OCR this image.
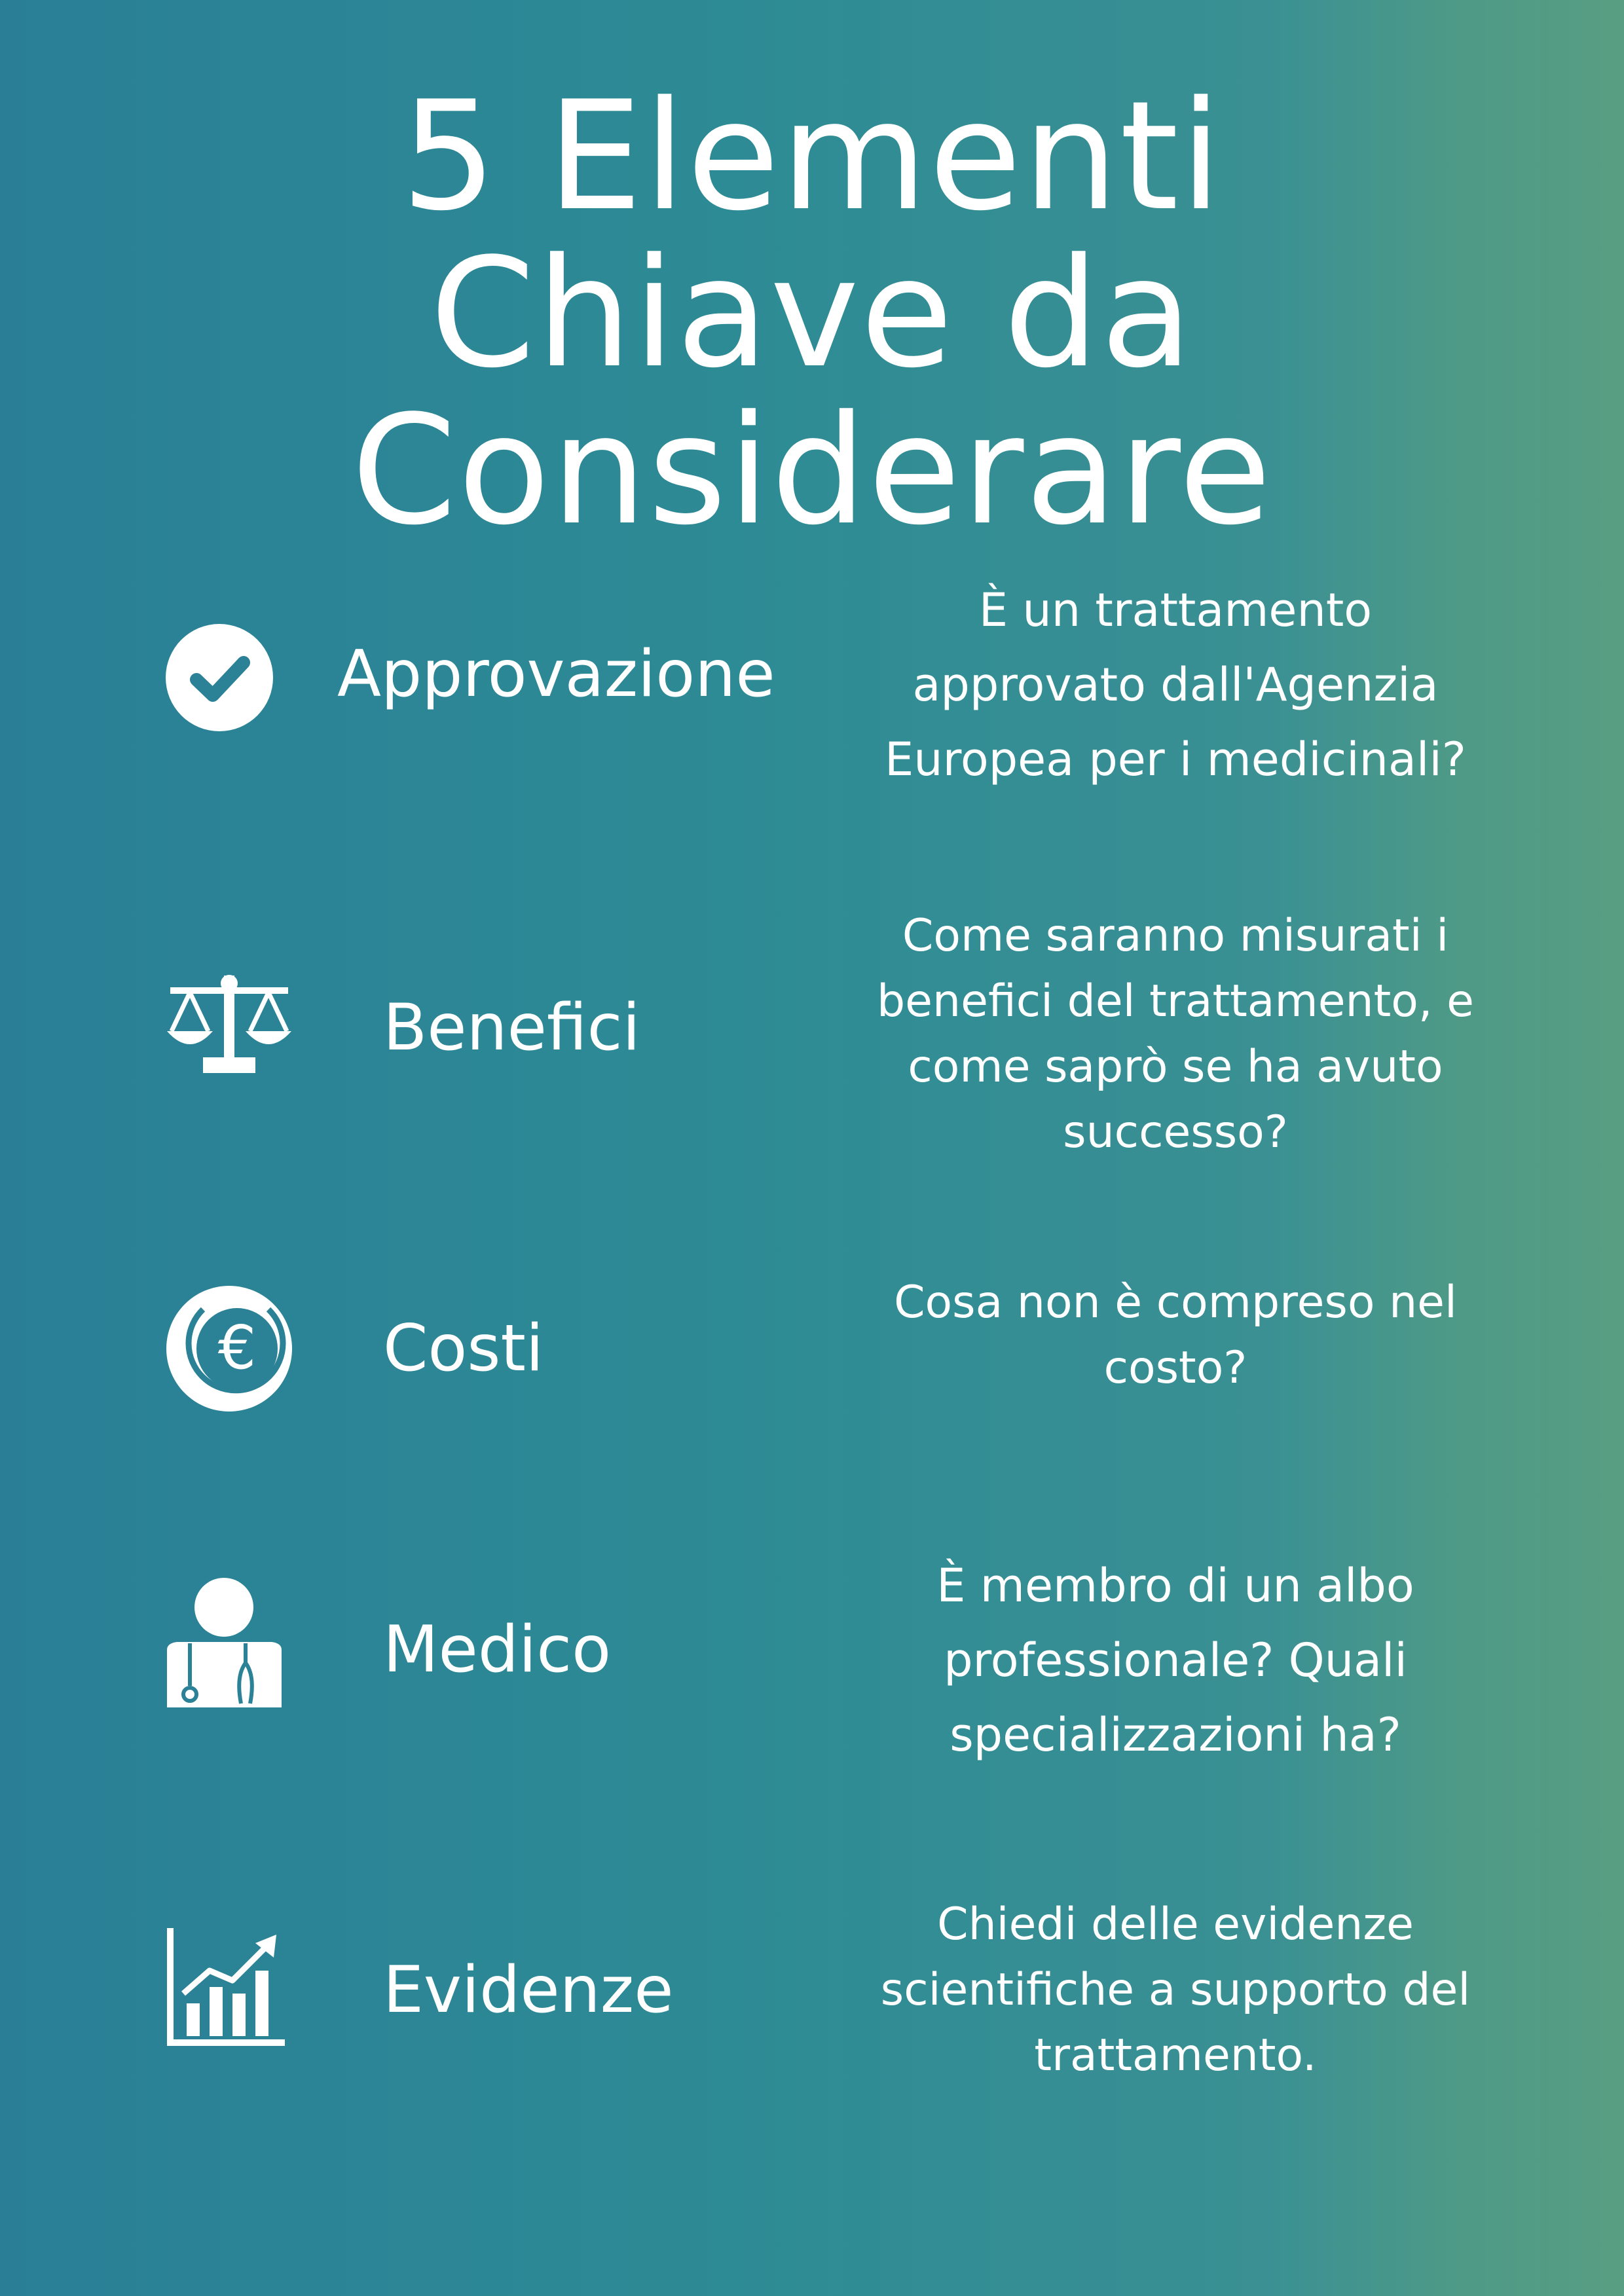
5 Elementi
Chiave da
Considerare
Approvazione
È un trattamento
approvato dall'Agenzia
Europea per i medicinali?
Benefici
Come saranno misurati i
benefici del trattamento, e
come saprò se ha avuto
successo?
€ Costi
Cosa non è compreso nel
costo?
Medico
È membro di un albo
professionale? Quali
specializzazioni ha?
Evidenze
Chiedi delle evidenze
scientifiche a supporto del
trattamento.
